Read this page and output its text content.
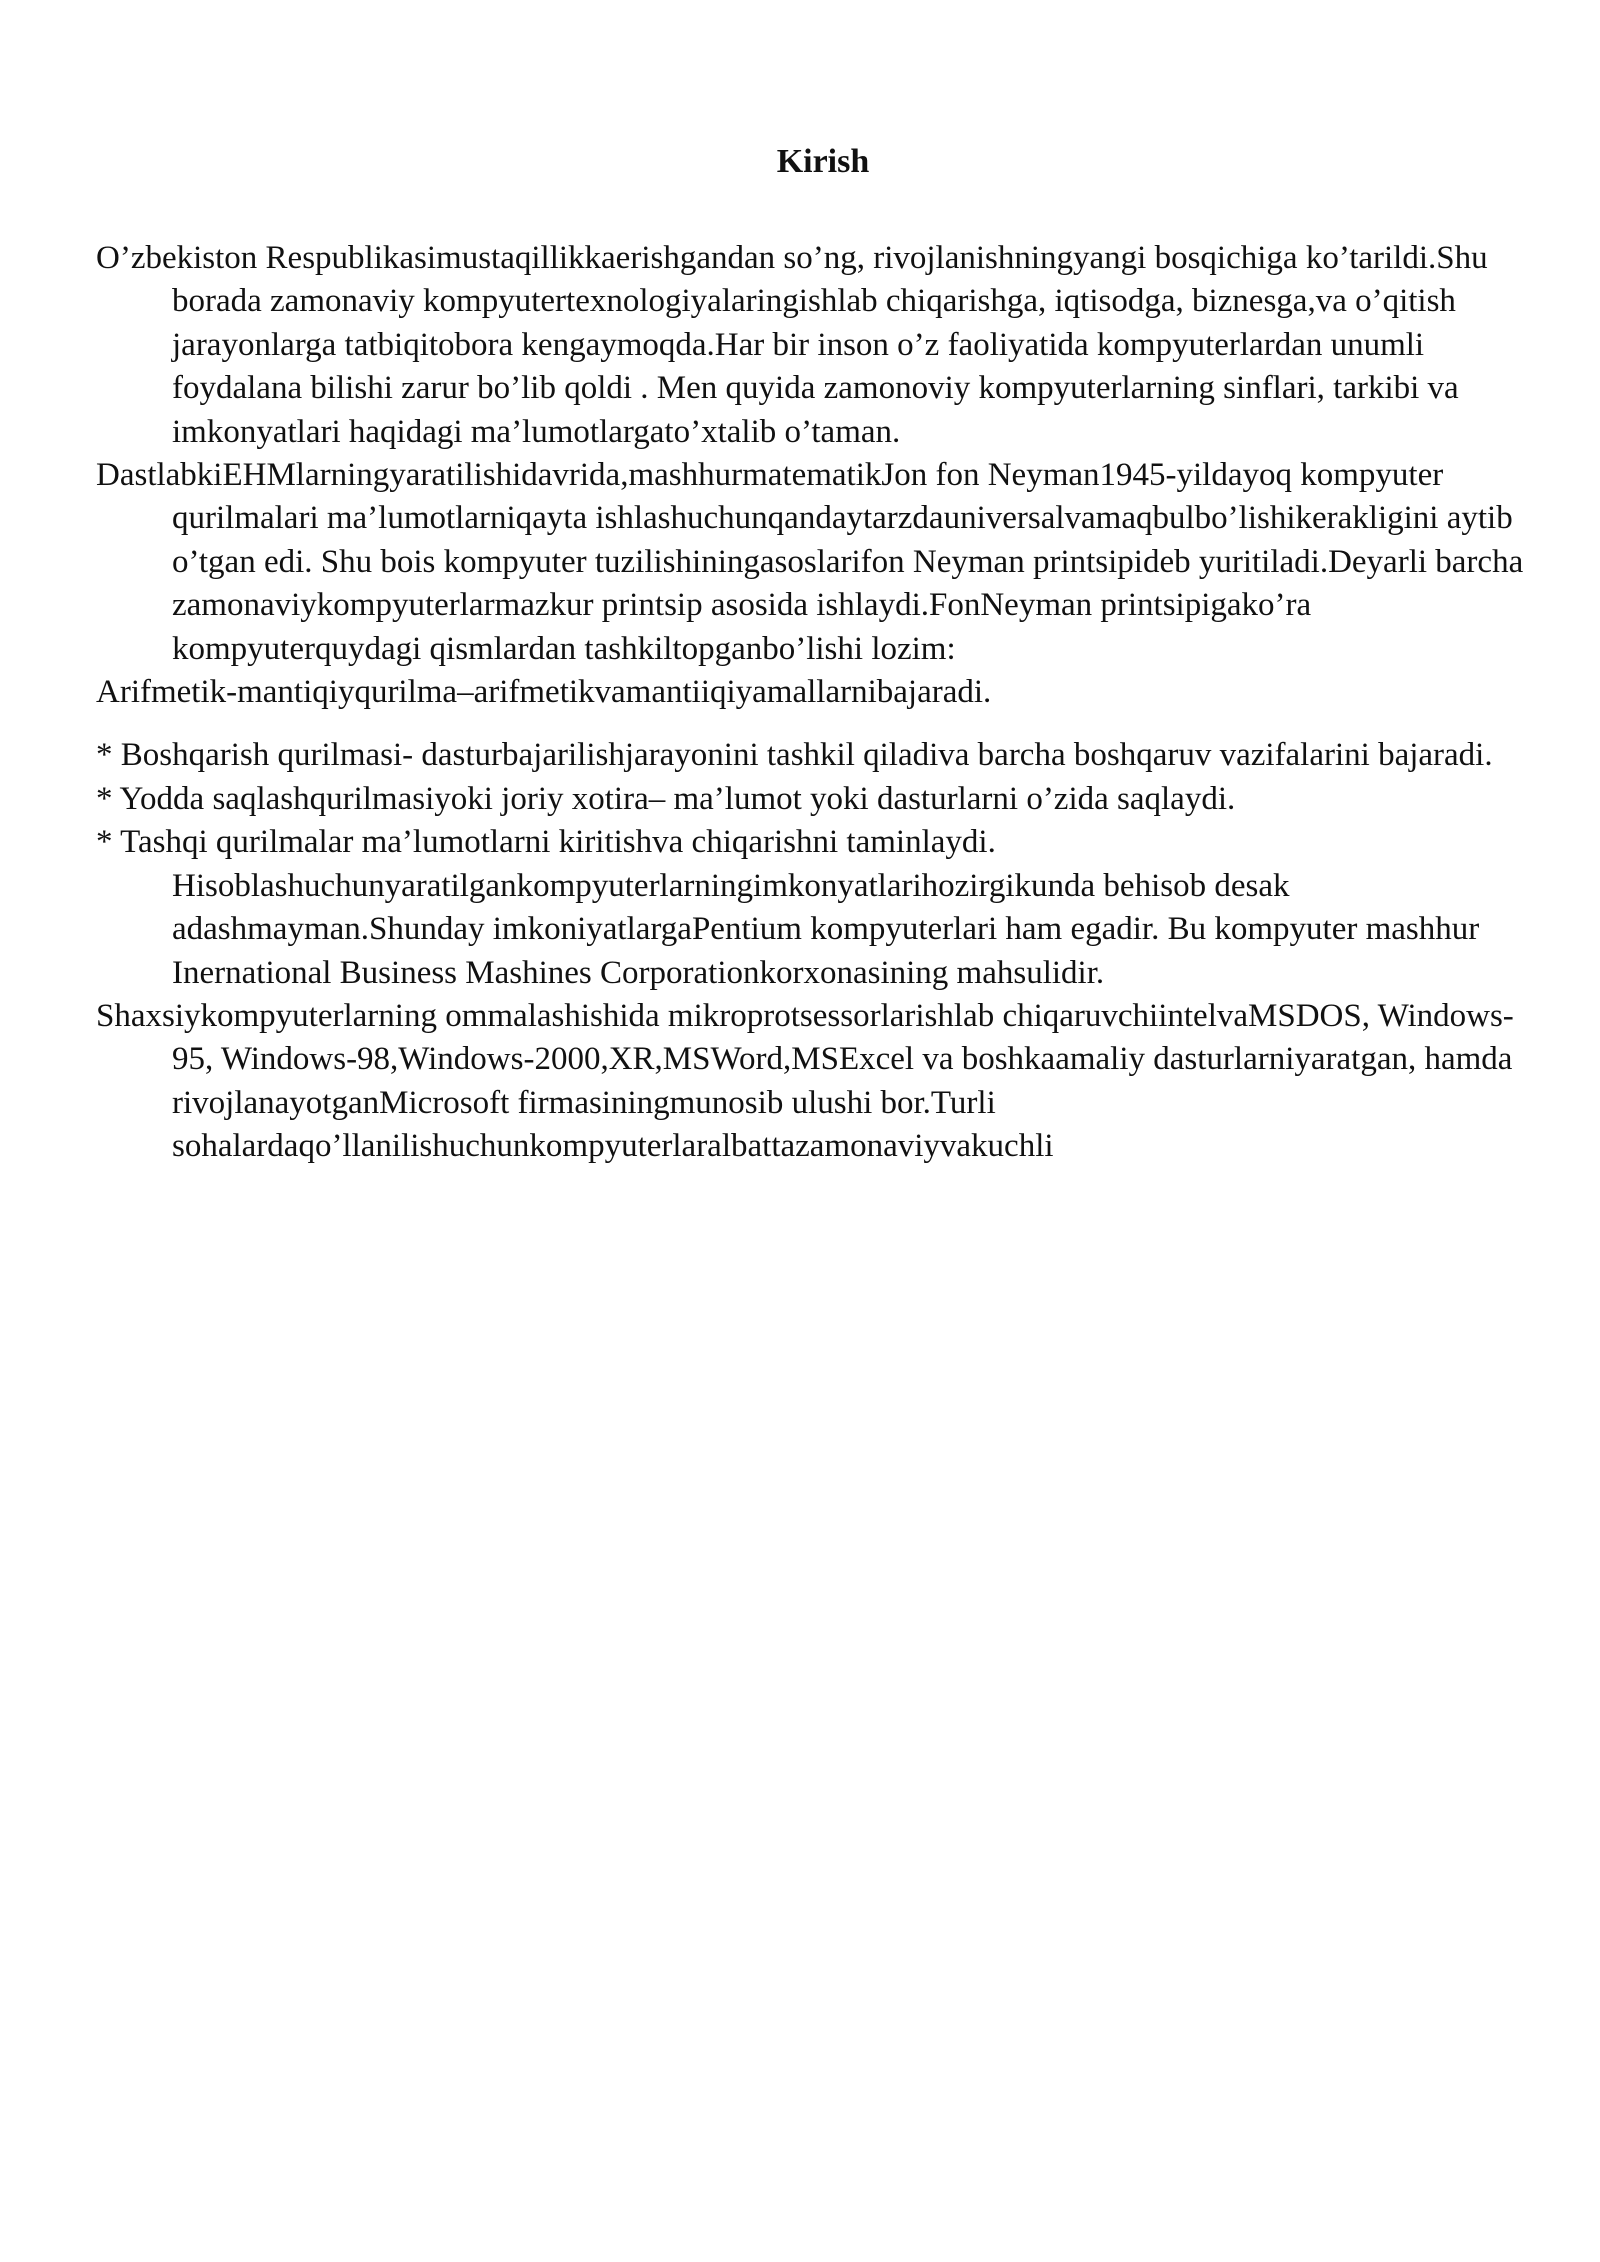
Kirish

O’zbekiston Respublikasimustaqillikkaerishgandan so’ng, rivojlanishningyangi bosqichiga ko’tarildi.Shu borada zamonaviy kompyutertexnologiyalaringishlab chiqarishga, iqtisodga, biznesga,va o’qitish jarayonlarga tatbiqitobora kengaymoqda.Har bir inson o’z faoliyatida kompyuterlardan unumli foydalana bilishi zarur bo’lib qoldi . Men quyida zamonoviy kompyuterlarning sinflari, tarkibi va imkonyatlari haqidagi ma’lumotlargato’xtalib o’taman.

DastlabkiEHMlarningyaratilishidavrida,mashhurmatematikJon fon Neyman1945-yildayoq kompyuter qurilmalari ma’lumotlarniqayta ishlashuchunqandaytarzdauniversalvamaqbulbo’lishikerakligini aytib o’tgan edi. Shu bois kompyuter tuzilishiningasoslarifon Neyman printsipideb yuritiladi.Deyarli barcha zamonaviykompyuterlarmazkur printsip asosida ishlaydi.FonNeyman printsipigako’ra kompyuterquydagi qismlardan tashkiltopganbo’lishi lozim:

Arifmetik-mantiqiyqurilma–arifmetikvamantiiqiyamallarnibajaradi.

* Boshqarish qurilmasi- dasturbajarilishjarayonini tashkil qiladiva barcha boshqaruv vazifalarini bajaradi.

* Yodda saqlashqurilmasiyoki joriy xotira– ma’lumot yoki dasturlarni o’zida saqlaydi.

* Tashqi qurilmalar ma’lumotlarni kiritishva chiqarishni taminlaydi. Hisoblashuchunyaratilgankompyuterlarningimkonyatlarihozirgikunda behisob desak adashmayman.Shunday imkoniyatlargaPentium kompyuterlari ham egadir. Bu kompyuter mashhur Inernational Business Mashines Corporationkorxonasining mahsulidir.

Shaxsiykompyuterlarning ommalashishida mikroprotsessorlarishlab chiqaruvchiintelvaMSDOS, Windows-95, Windows-98,Windows-2000,XR,MSWord,MSExcel va boshkaamaliy dasturlarniyaratgan, hamda rivojlanayotganMicrosoft firmasiningmunosib ulushi bor.Turli sohalardaqo’llanilishuchunkompyuterlaralbattazamonaviyvakuchli
